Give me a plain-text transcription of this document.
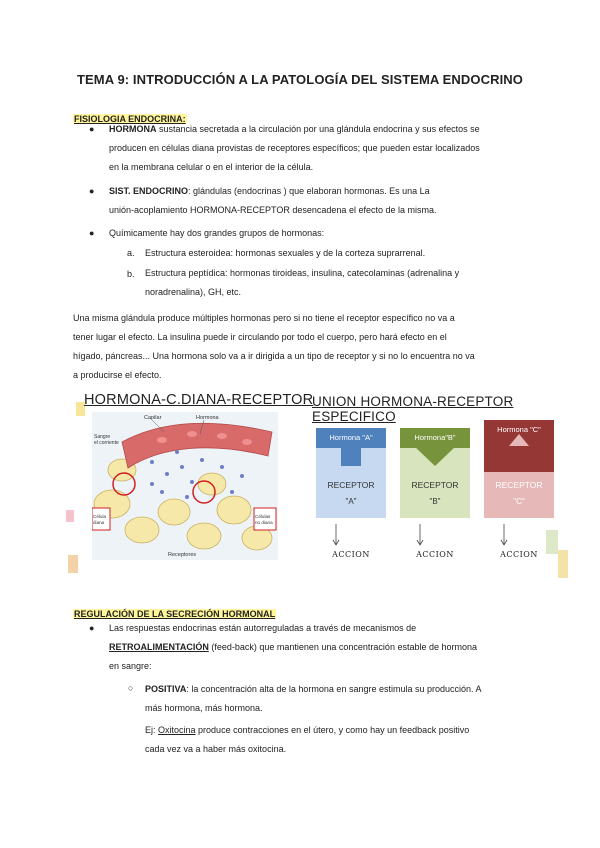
TEMA 9: INTRODUCCIÓN A LA PATOLOGÍA DEL SISTEMA ENDOCRINO
FISIOLOGIA ENDOCRINA:
● HORMONA sustancia secretada a la circulación por una glándula endocrina y sus efectos se
producen en células diana provistas de receptores específicos; que pueden estar localizados
en la membrana celular o en el interior de la célula.
● SIST. ENDOCRINO: glándulas (endocrinas ) que elaboran hormonas. Es una La
unión-acoplamiento HORMONA-RECEPTOR desencadena el efecto de la misma.
● Químicamente hay dos grandes grupos de hormonas:
a. Estructura esteroidea: hormonas sexuales y de la corteza suprarrenal.
b. Estructura peptídica: hormonas tiroideas, insulina, catecolaminas (adrenalina y
noradrenalina), GH, etc.
Una misma glándula produce múltiples hormonas pero si no tiene el receptor específico no va a
tener lugar el efecto. La insulina puede ir circulando por todo el cuerpo, pero hará efecto en el
hígado, páncreas... Una hormona solo va a ir dirigida a un tipo de receptor y si no lo encuentra no va
a producirse el efecto.
HORMONA-C.DIANA-RECEPTOR
Capilar	Hormona
Sangre
el corriente
Célula diana
Células no diana
Receptores
UNION HORMONA-RECEPTOR ESPECIFICO
Hormona "A"
RECEPTOR
"A"
ACCION
Hormona"B"
RECEPTOR
"B"
ACCION
Hormona "C"
RECEPTOR
"C"
ACCION
REGULACIÓN DE LA SECRECIÓN HORMONAL
● Las respuestas endocrinas están autorreguladas a través de mecanismos de
RETROALIMENTACIÓN (feed-back) que mantienen una concentración estable de hormona
en sangre:
○ POSITIVA: la concentración alta de la hormona en sangre estimula su producción. A
más hormona, más hormona.
Ej: Oxitocina produce contracciones en el útero, y como hay un feedback positivo
cada vez va a haber más oxitocina.
